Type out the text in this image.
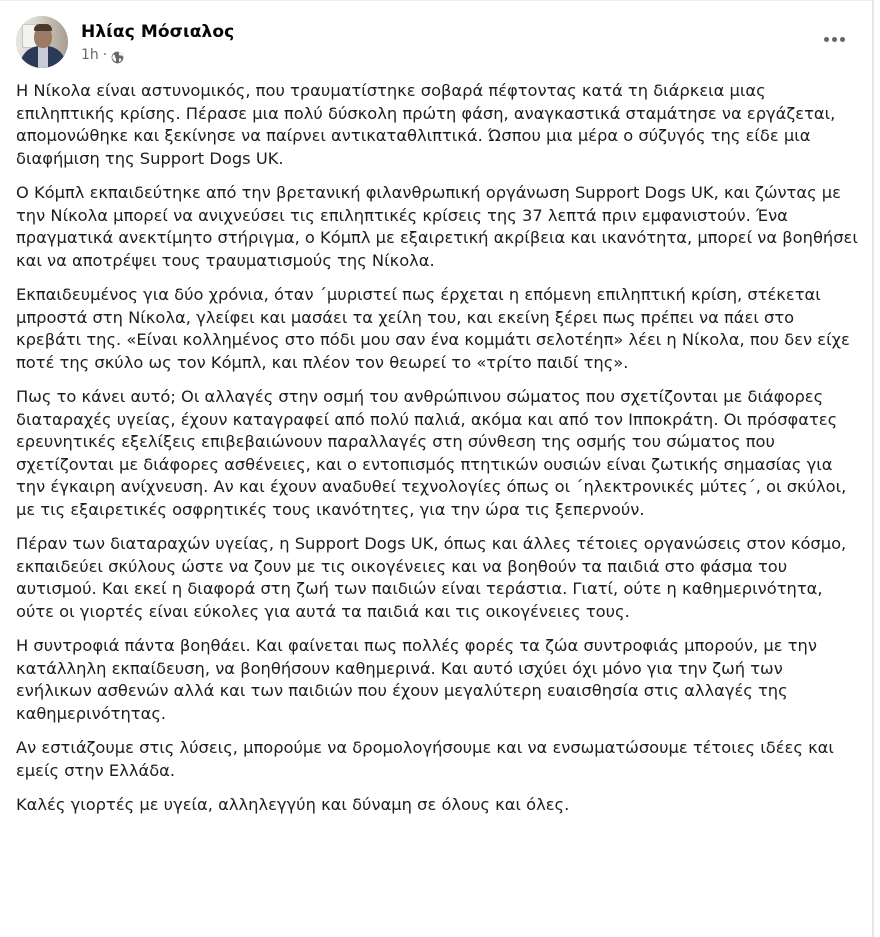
Ηλίας Μόσιαλος
1h ·

Η Νίκολα είναι αστυνομικός, που τραυματίστηκε σοβαρά πέφτοντας κατά τη διάρκεια μιας επιληπτικής κρίσης. Πέρασε μια πολύ δύσκολη πρώτη φάση, αναγκαστικά σταμάτησε να εργάζεται, απομονώθηκε και ξεκίνησε να παίρνει αντικαταθλιπτικά. Ώσπου μια μέρα ο σύζυγός της είδε μια διαφήμιση της Support Dogs UK.

Ο Κόμπλ εκπαιδεύτηκε από την βρετανική φιλανθρωπική οργάνωση Support Dogs UK, και ζώντας με την Νίκολα μπορεί να ανιχνεύσει τις επιληπτικές κρίσεις της 37 λεπτά πριν εμφανιστούν. Ένα πραγματικά ανεκτίμητο στήριγμα, ο Κόμπλ με εξαιρετική ακρίβεια και ικανότητα, μπορεί να βοηθήσει και να αποτρέψει τους τραυματισμούς της Νίκολα.

Εκπαιδευμένος για δύο χρόνια, όταν ΄μυριστεί πως έρχεται η επόμενη επιληπτική κρίση, στέκεται μπροστά στη Νίκολα, γλείφει και μασάει τα χείλη του, και εκείνη ξέρει πως πρέπει να πάει στο κρεβάτι της. «Είναι κολλημένος στο πόδι μου σαν ένα κομμάτι σελοτέηπ» λέει η Νίκολα, που δεν είχε ποτέ της σκύλο ως τον Κόμπλ, και πλέον τον θεωρεί το «τρίτο παιδί της».

Πως το κάνει αυτό; Οι αλλαγές στην οσμή του ανθρώπινου σώματος που σχετίζονται με διάφορες διαταραχές υγείας, έχουν καταγραφεί από πολύ παλιά, ακόμα και από τον Ιπποκράτη. Οι πρόσφατες ερευνητικές εξελίξεις επιβεβαιώνουν παραλλαγές στη σύνθεση της οσμής του σώματος που σχετίζονται με διάφορες ασθένειες, και ο εντοπισμός πτητικών ουσιών είναι ζωτικής σημασίας για την έγκαιρη ανίχνευση. Αν και έχουν αναδυθεί τεχνολογίες όπως οι ΄ηλεκτρονικές μύτες΄, οι σκύλοι, με τις εξαιρετικές οσφρητικές τους ικανότητες, για την ώρα τις ξεπερνούν.

Πέραν των διαταραχών υγείας, η Support Dogs UK, όπως και άλλες τέτοιες οργανώσεις στον κόσμο, εκπαιδεύει σκύλους ώστε να ζουν με τις οικογένειες και να βοηθούν τα παιδιά στο φάσμα του αυτισμού. Και εκεί η διαφορά στη ζωή των παιδιών είναι τεράστια. Γιατί, ούτε η καθημερινότητα, ούτε οι γιορτές είναι εύκολες για αυτά τα παιδιά και τις οικογένειες τους.

Η συντροφιά πάντα βοηθάει. Και φαίνεται πως πολλές φορές τα ζώα συντροφιάς μπορούν, με την κατάλληλη εκπαίδευση, να βοηθήσουν καθημερινά. Και αυτό ισχύει όχι μόνο για την ζωή των ενήλικων ασθενών αλλά και των παιδιών που έχουν μεγαλύτερη ευαισθησία στις αλλαγές της καθημερινότητας.

Αν εστιάζουμε στις λύσεις, μπορούμε να δρομολογήσουμε και να ενσωματώσουμε τέτοιες ιδέες και εμείς στην Ελλάδα.

Καλές γιορτές με υγεία, αλληλεγγύη και δύναμη σε όλους και όλες.
